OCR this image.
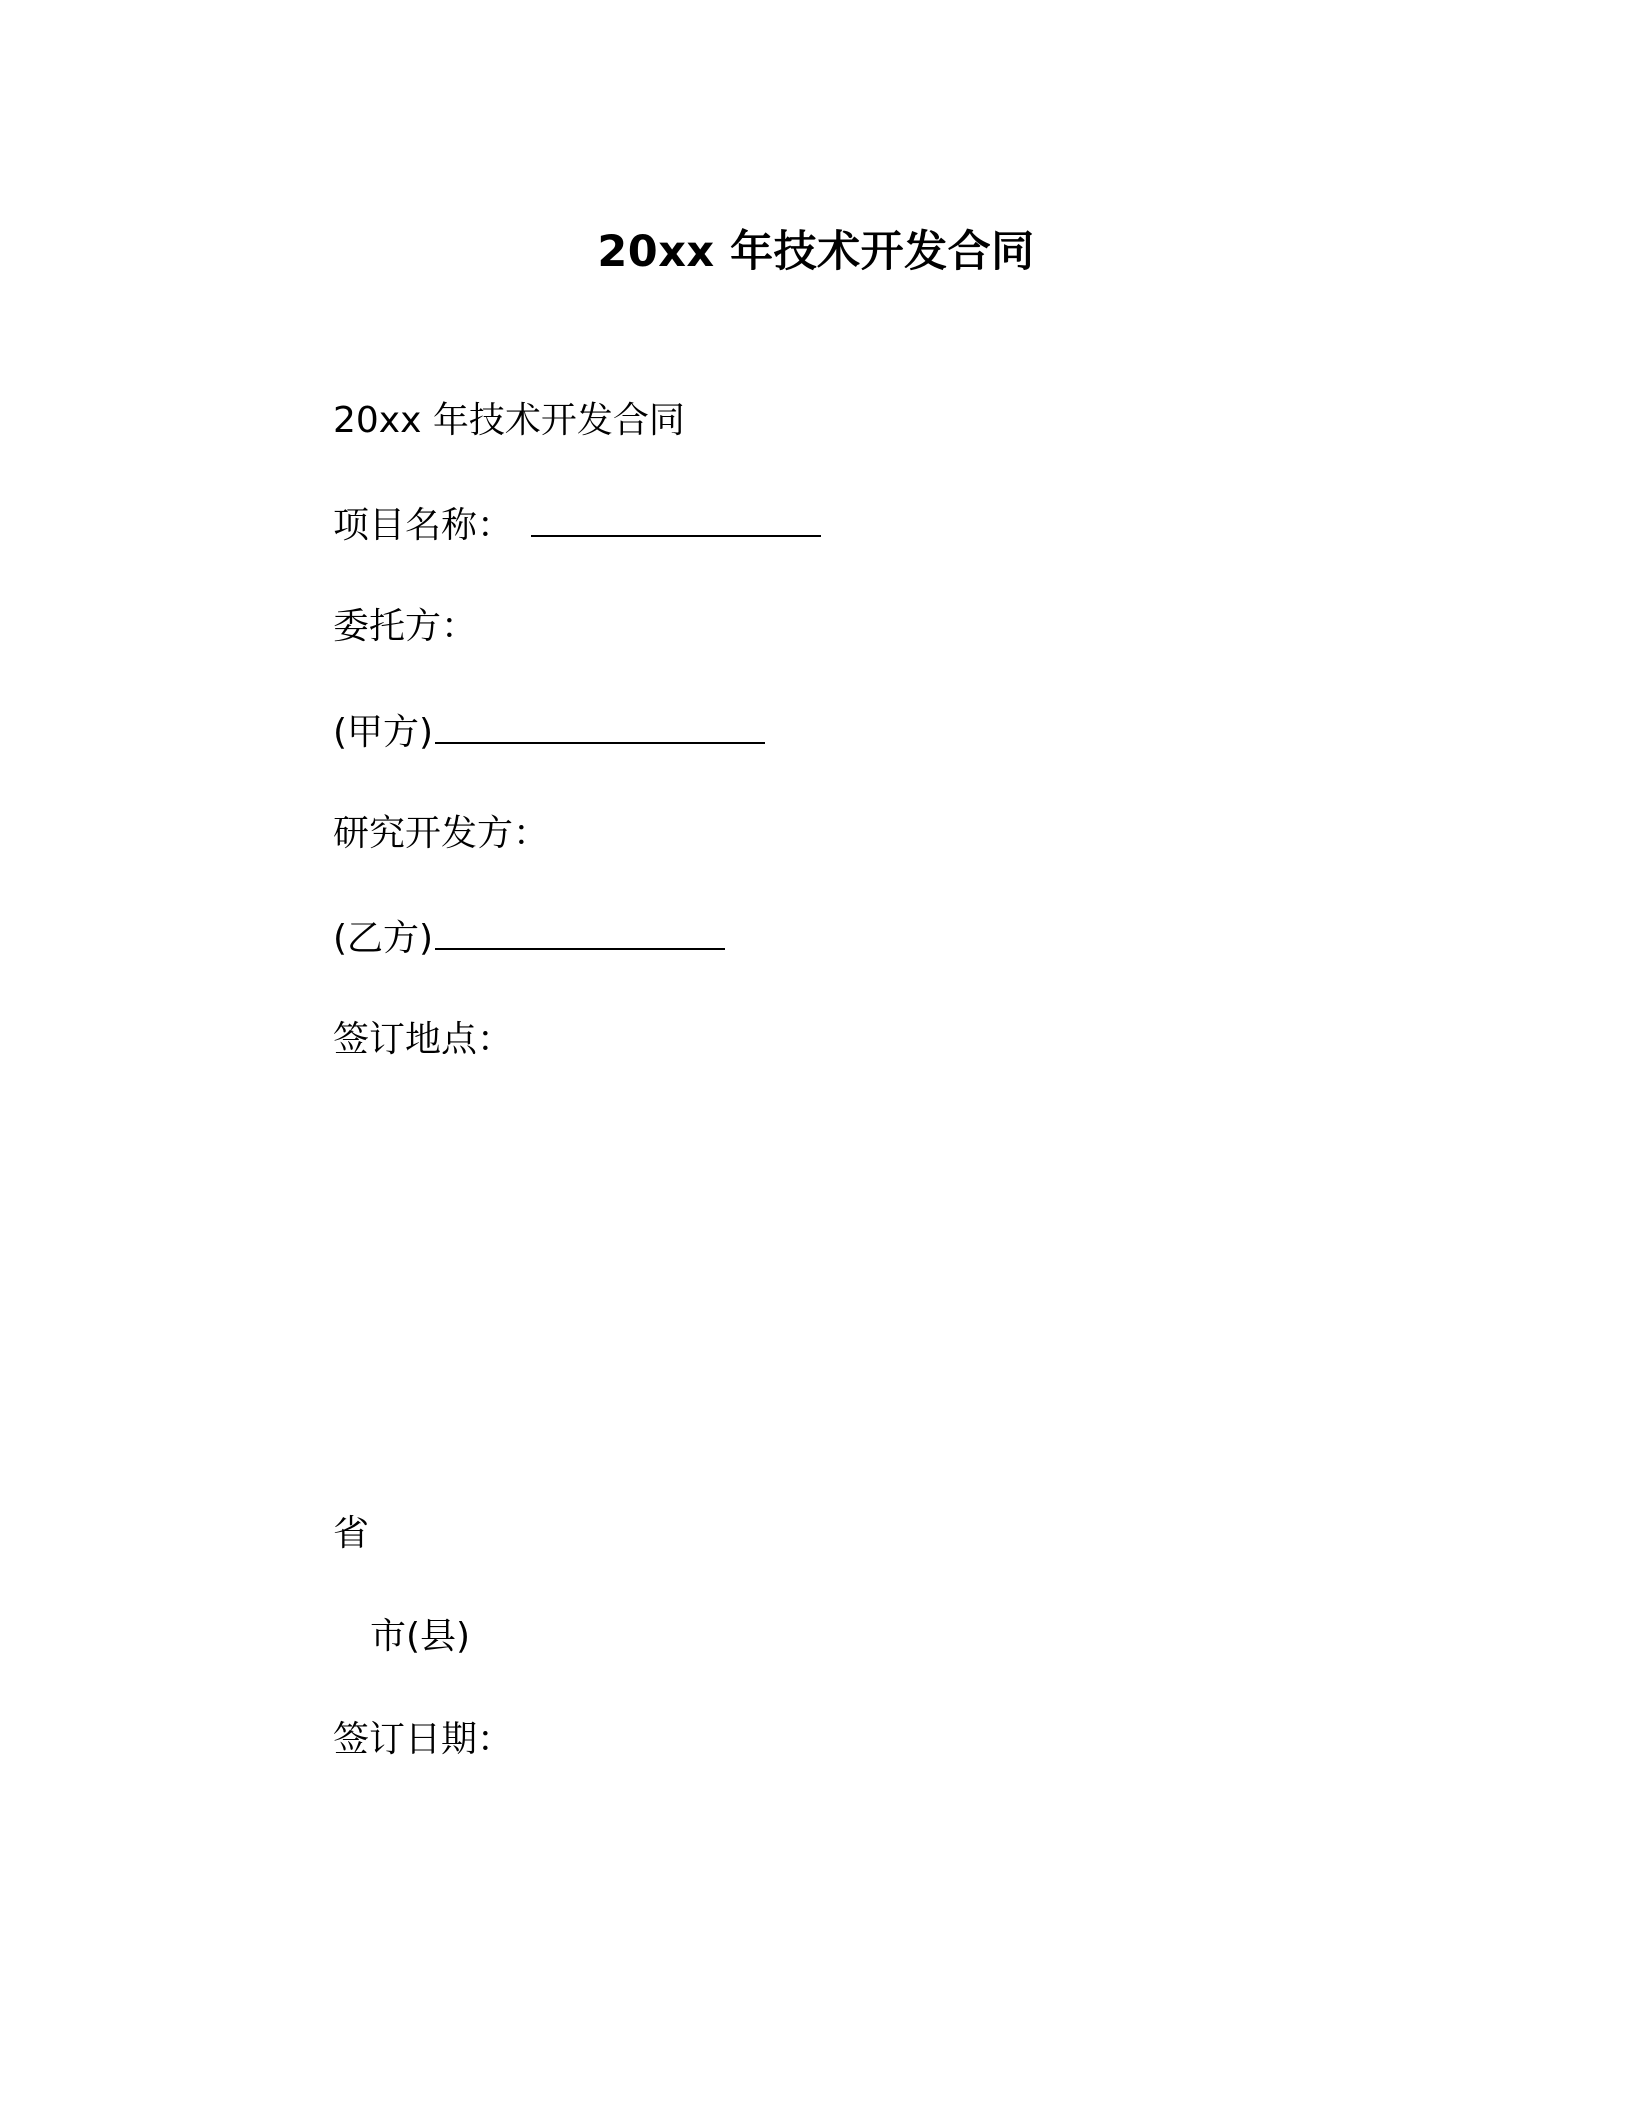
20xx 年技术开发合同
20xx 年技术开发合同
项目名称：
委托方：
(甲方)
研究开发方：
(乙方)
签订地点：
省
市(县)
签订日期：
